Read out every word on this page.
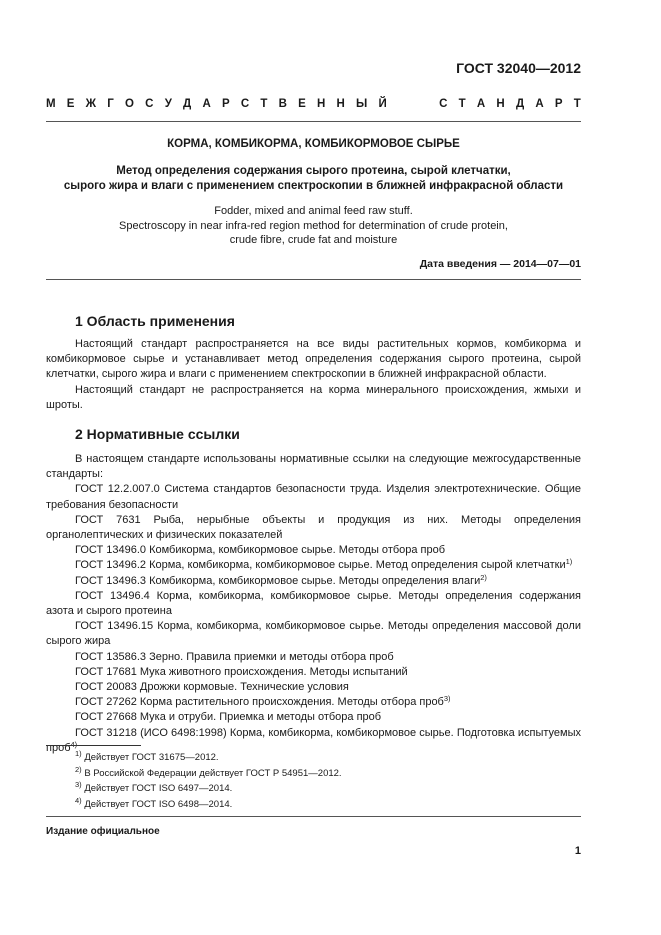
ГОСТ 32040—2012
М Е Ж Г О С У Д А Р С Т В Е Н Н Ы Й	С Т А Н Д А Р Т
КОРМА, КОМБИКОРМА, КОМБИКОРМОВОЕ СЫРЬЕ
Метод определения содержания сырого протеина, сырой клетчатки,
сырого жира и влаги с применением спектроскопии в ближней инфракрасной области
Fodder, mixed and animal feed raw stuff.
Spectroscopy in near infra-red region method for determination of crude protein,
crude fibre, crude fat and moisture
Дата введения — 2014—07—01
1 Область применения

Настоящий стандарт распространяется на все виды растительных кормов, комбикорма и комбикормовое сырье и устанавливает метод определения содержания сырого протеина, сырой клетчатки, сырого жира и влаги с применением спектроскопии в ближней инфракрасной области.

Настоящий стандарт не распространяется на корма минерального происхождения, жмыхи и шроты.

2 Нормативные ссылки

В настоящем стандарте использованы нормативные ссылки на следующие межгосударственные стандарты:

ГОСТ 12.2.007.0 Система стандартов безопасности труда. Изделия электротехнические. Общие требования безопасности

ГОСТ 7631 Рыба, нерыбные объекты и продукция из них. Методы определения органолептических и физических показателей

ГОСТ 13496.0 Комбикорма, комбикормовое сырье. Методы отбора проб

ГОСТ 13496.2 Корма, комбикорма, комбикормовое сырье. Метод определения сырой клетчатки$^{1)}$

ГОСТ 13496.3 Комбикорма, комбикормовое сырье. Методы определения влаги$^{2)}$

ГОСТ 13496.4 Корма, комбикорма, комбикормовое сырье. Методы определения содержания азота и сырого протеина

ГОСТ 13496.15 Корма, комбикорма, комбикормовое сырье. Методы определения массовой доли сырого жира

ГОСТ 13586.3 Зерно. Правила приемки и методы отбора проб

ГОСТ 17681 Мука животного происхождения. Методы испытаний

ГОСТ 20083 Дрожжи кормовые. Технические условия

ГОСТ 27262 Корма растительного происхождения. Методы отбора проб$^{3)}$

ГОСТ 27668 Мука и отруби. Приемка и методы отбора проб

ГОСТ 31218 (ИСО 6498:1998) Корма, комбикорма, комбикормовое сырье. Подготовка испытуемых проб$^{4)}$

$^{1)}$ Действует ГОСТ 31675—2012.
$^{2)}$ В Российской Федерации действует ГОСТ Р 54951—2012.
$^{3)}$ Действует ГОСТ ISO 6497—2014.
$^{4)}$ Действует ГОСТ ISO 6498—2014.
Издание официальное
1
